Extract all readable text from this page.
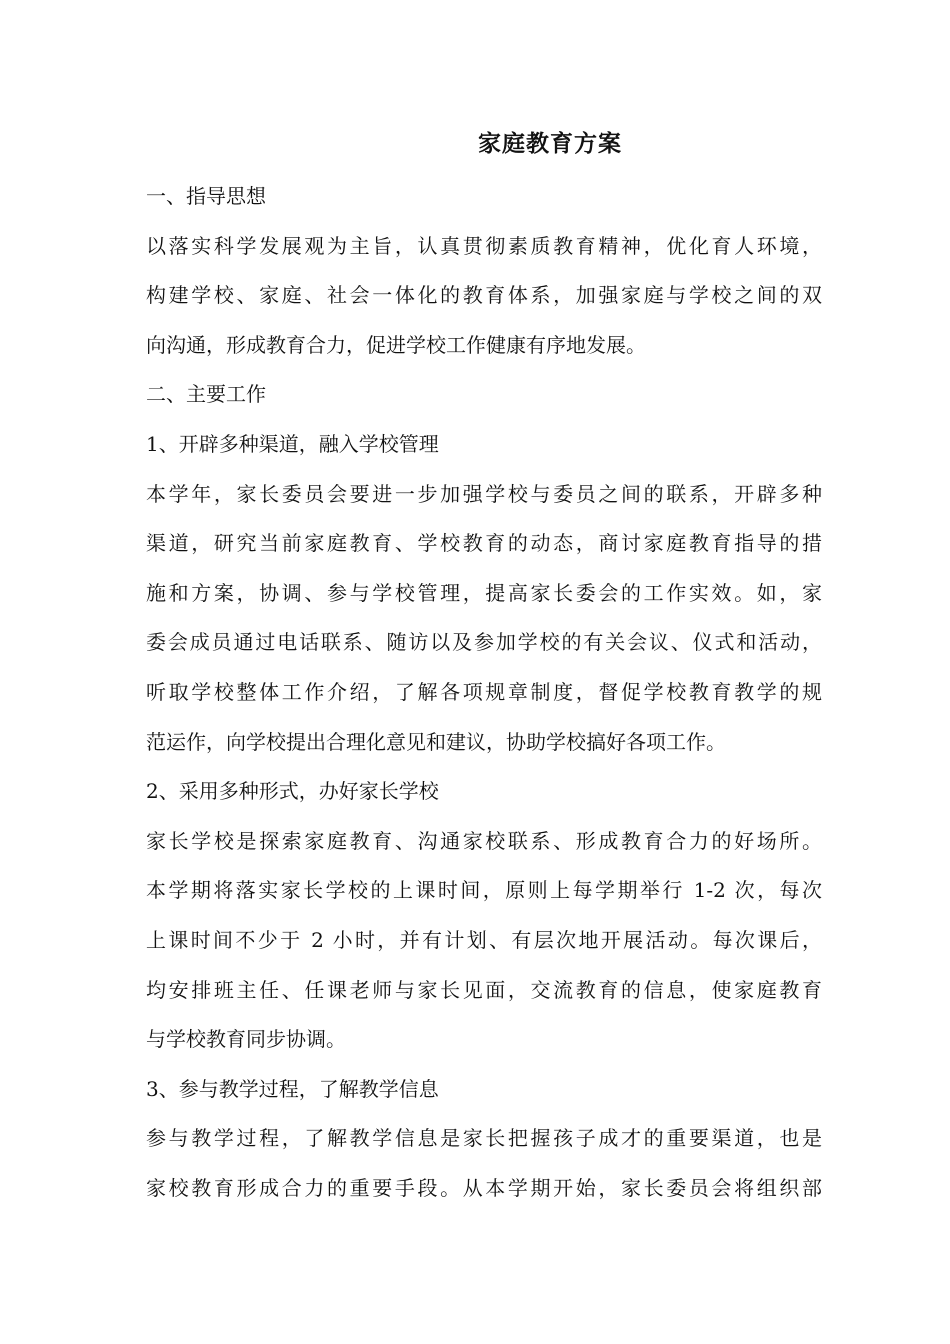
家庭教育方案
一、指导思想
以落实科学发展观为主旨，认真贯彻素质教育精神，优化育人环境，
构建学校、家庭、社会一体化的教育体系，加强家庭与学校之间的双
向沟通，形成教育合力，促进学校工作健康有序地发展。
二、主要工作
1、开辟多种渠道，融入学校管理
本学年，家长委员会要进一步加强学校与委员之间的联系，开辟多种
渠道，研究当前家庭教育、学校教育的动态，商讨家庭教育指导的措
施和方案，协调、参与学校管理，提高家长委会的工作实效。如，家
委会成员通过电话联系、随访以及参加学校的有关会议、仪式和活动，
听取学校整体工作介绍，了解各项规章制度，督促学校教育教学的规
范运作，向学校提出合理化意见和建议，协助学校搞好各项工作。
2、采用多种形式，办好家长学校
家长学校是探索家庭教育、沟通家校联系、形成教育合力的好场所。
本学期将落实家长学校的上课时间，原则上每学期举行 1-2 次，每次
上课时间不少于 2 小时，并有计划、有层次地开展活动。每次课后，
均安排班主任、任课老师与家长见面，交流教育的信息，使家庭教育
与学校教育同步协调。
3、参与教学过程，了解教学信息
参与教学过程，了解教学信息是家长把握孩子成才的重要渠道，也是
家校教育形成合力的重要手段。从本学期开始，家长委员会将组织部
